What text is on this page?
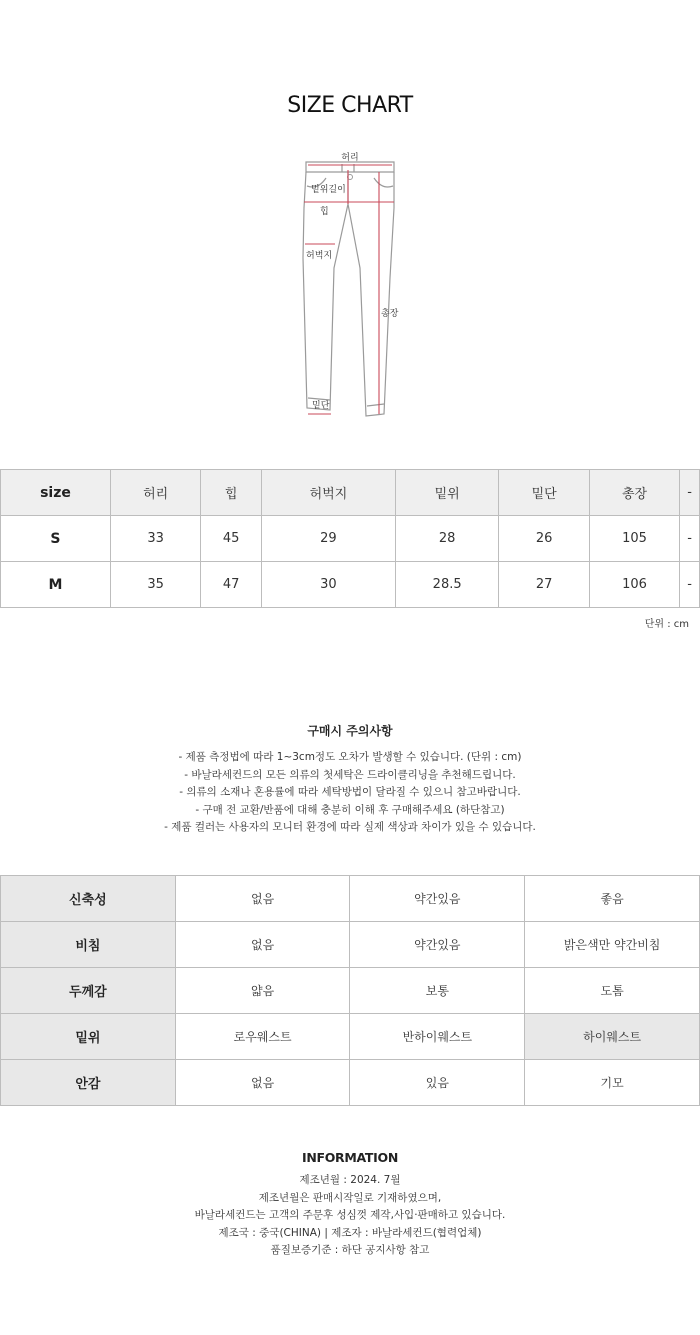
SIZE CHART
허리
밑위길이
힙
허벅지
총장
밑단
size	허리	힙	허벅지	밑위	밑단	총장	-
S	33	45	29	28	26	105	-
M	35	47	30	28.5	27	106	-
단위 : cm
구매시 주의사항

- 제품 측정법에 따라 1~3cm정도 오차가 발생할 수 있습니다. (단위 : cm)

- 바날라세컨드의 모든 의류의 첫세탁은 드라이클리닝을 추천해드립니다.

- 의류의 소재나 혼용률에 따라 세탁방법이 달라질 수 있으니 참고바랍니다.

- 구매 전 교환/반품에 대해 충분히 이해 후 구매해주세요 (하단참고)

- 제품 컬러는 사용자의 모니터 환경에 따라 실제 색상과 차이가 있을 수 있습니다.

신축성	없음	약간있음	좋음
비침	없음	약간있음	밝은색만 약간비침
두께감	얇음	보통	도톰
밑위	로우웨스트	반하이웨스트	하이웨스트
안감	없음	있음	기모
INFORMATION

제조년월 : 2024. 7월

제조년월은 판매시작일로 기재하였으며,

바날라세컨드는 고객의 주문후 성심껏 제작,사입·판매하고 있습니다.

제조국 : 중국(CHINA) | 제조자 : 바날라세컨드(협력업체)

품질보증기준 : 하단 공지사항 참고
